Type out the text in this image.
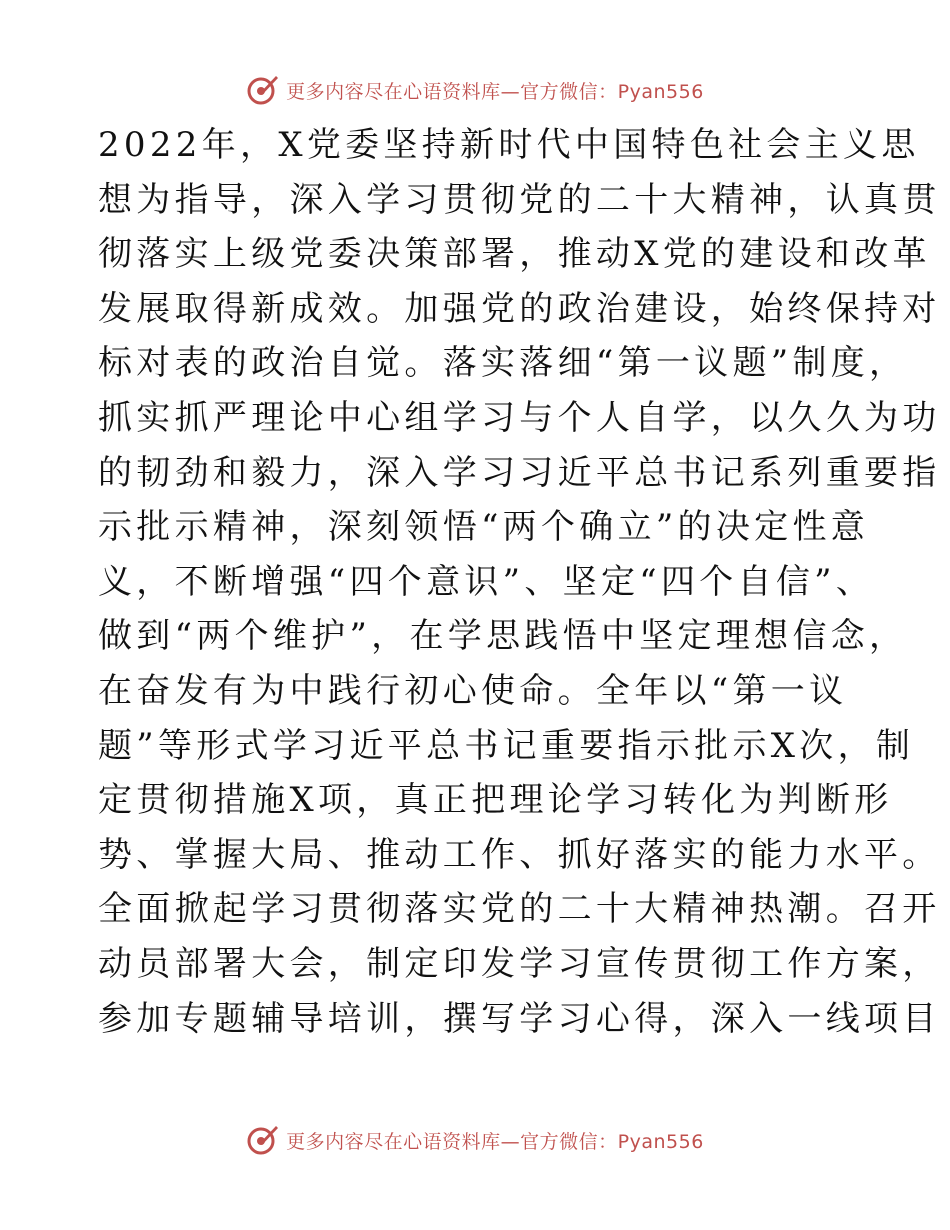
更多内容尽在心语资料库—官方微信：Pyan556
2022年，X党委坚持新时代中国特色社会主义思
想为指导，深入学习贯彻党的二十大精神，认真贯
彻落实上级党委决策部署，推动X党的建设和改革
发展取得新成效。加强党的政治建设，始终保持对
标对表的政治自觉。落实落细“第一议题”制度，
抓实抓严理论中心组学习与个人自学，以久久为功
的韧劲和毅力，深入学习习近平总书记系列重要指
示批示精神，深刻领悟“两个确立”的决定性意
义，不断增强“四个意识”、坚定“四个自信”、
做到“两个维护”，在学思践悟中坚定理想信念，
在奋发有为中践行初心使命。全年以“第一议
题”等形式学习近平总书记重要指示批示X次，制
定贯彻措施X项，真正把理论学习转化为判断形
势、掌握大局、推动工作、抓好落实的能力水平。
全面掀起学习贯彻落实党的二十大精神热潮。召开
动员部署大会，制定印发学习宣传贯彻工作方案，
参加专题辅导培训，撰写学习心得，深入一线项目
更多内容尽在心语资料库—官方微信：Pyan556
